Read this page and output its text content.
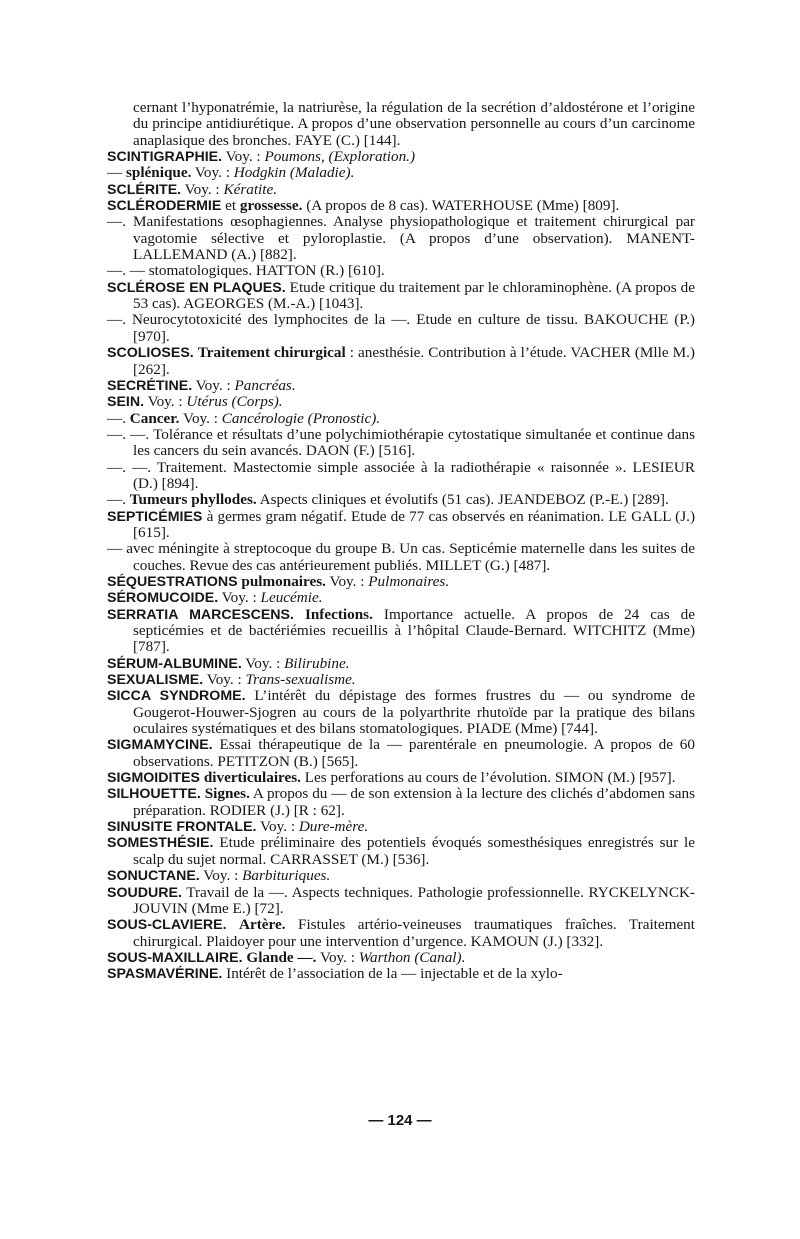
cernant l’hyponatrémie, la natriurèse, la régulation de la secrétion d’aldostérone et l’origine du principe antidiurétique. A propos d’une observation personnelle au cours d’un carcinome anaplasique des bronches. FAYE (C.) [144].

SCINTIGRAPHIE. Voy. : Poumons, (Exploration.)

— splénique. Voy. : Hodgkin (Maladie).

SCLÉRITE. Voy. : Kératite.

SCLÉRODERMIE et grossesse. (A propos de 8 cas). WATERHOUSE (Mme) [809].

—. Manifestations œsophagiennes. Analyse physiopathologique et traitement chirurgical par vagotomie sélective et pyloroplastie. (A propos d’une observation). MANENT-LALLEMAND (A.) [882].

—. — stomatologiques. HATTON (R.) [610].

SCLÉROSE EN PLAQUES. Etude critique du traitement par le chloraminophène. (A propos de 53 cas). AGEORGES (M.-A.) [1043].

—. Neurocytotoxicité des lymphocites de la —. Etude en culture de tissu. BAKOUCHE (P.) [970].

SCOLIOSES. Traitement chirurgical : anesthésie. Contribution à l’étude. VACHER (Mlle M.) [262].

SECRÉTINE. Voy. : Pancréas.

SEIN. Voy. : Utérus (Corps).

—. Cancer. Voy. : Cancérologie (Pronostic).

—. —. Tolérance et résultats d’une polychimiothérapie cytostatique simultanée et continue dans les cancers du sein avancés. DAON (F.) [516].

—. —. Traitement. Mastectomie simple associée à la radiothérapie « raisonnée ». LESIEUR (D.) [894].

—. Tumeurs phyllodes. Aspects cliniques et évolutifs (51 cas). JEANDEBOZ (P.-E.) [289].

SEPTICÉMIES à germes gram négatif. Etude de 77 cas observés en réanimation. LE GALL (J.) [615].

— avec méningite à streptocoque du groupe B. Un cas. Septicémie maternelle dans les suites de couches. Revue des cas antérieurement publiés. MILLET (G.) [487].

SÉQUESTRATIONS pulmonaires. Voy. : Pulmonaires.

SÉROMUCOIDE. Voy. : Leucémie.

SERRATIA MARCESCENS. Infections. Importance actuelle. A propos de 24 cas de septicémies et de bactériémies recueillis à l’hôpital Claude-Bernard. WITCHITZ (Mme) [787].

SÉRUM-ALBUMINE. Voy. : Bilirubine.

SEXUALISME. Voy. : Trans-sexualisme.

SICCA SYNDROME. L’intérêt du dépistage des formes frustres du — ou syndrome de Gougerot-Houwer-Sjogren au cours de la polyarthrite rhutoïde par la pratique des bilans oculaires systématiques et des bilans stomatologiques. PIADE (Mme) [744].

SIGMAMYCINE. Essai thérapeutique de la — parentérale en pneumologie. A propos de 60 observations. PETITZON (B.) [565].

SIGMOIDITES diverticulaires. Les perforations au cours de l’évolution. SIMON (M.) [957].

SILHOUETTE. Signes. A propos du — de son extension à la lecture des clichés d’abdomen sans préparation. RODIER (J.) [R : 62].

SINUSITE FRONTALE. Voy. : Dure-mère.

SOMESTHÉSIE. Etude préliminaire des potentiels évoqués somesthésiques enregistrés sur le scalp du sujet normal. CARRASSET (M.) [536].

SONUCTANE. Voy. : Barbituriques.

SOUDURE. Travail de la —. Aspects techniques. Pathologie professionnelle. RYCKELYNCK-JOUVIN (Mme E.) [72].

SOUS-CLAVIERE. Artère. Fistules artério-veineuses traumatiques fraîches. Traitement chirurgical. Plaidoyer pour une intervention d’urgence. KAMOUN (J.) [332].

SOUS-MAXILLAIRE. Glande —. Voy. : Warthon (Canal).

SPASMAVÉRINE. Intérêt de l’association de la — injectable et de la xylo-

— 124 —
